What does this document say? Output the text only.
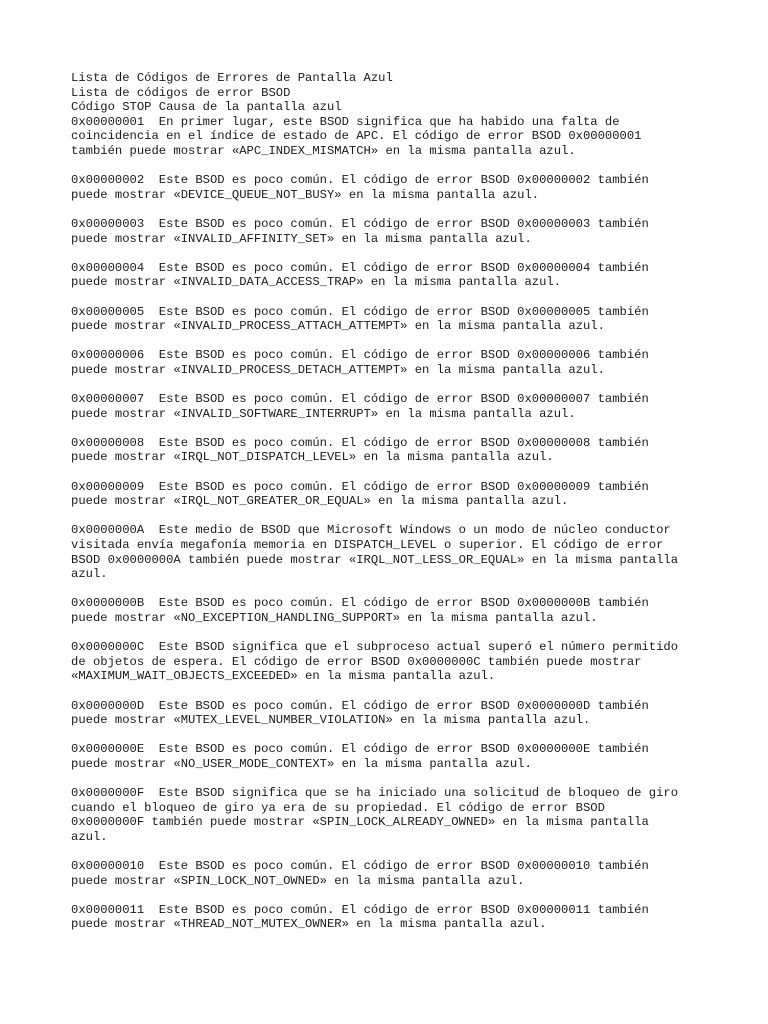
Lista de Códigos de Errores de Pantalla Azul
Lista de códigos de error BSOD
Código STOP Causa de la pantalla azul
0x00000001 En primer lugar, este BSOD significa que ha habido una falta de
coincidencia en el índice de estado de APC. El código de error BSOD 0x00000001
también puede mostrar «APC_INDEX_MISMATCH» en la misma pantalla azul.
0x00000002 Este BSOD es poco común. El código de error BSOD 0x00000002 también
puede mostrar «DEVICE_QUEUE_NOT_BUSY» en la misma pantalla azul.
0x00000003 Este BSOD es poco común. El código de error BSOD 0x00000003 también
puede mostrar «INVALID_AFFINITY_SET» en la misma pantalla azul.
0x00000004 Este BSOD es poco común. El código de error BSOD 0x00000004 también
puede mostrar «INVALID_DATA_ACCESS_TRAP» en la misma pantalla azul.
0x00000005 Este BSOD es poco común. El código de error BSOD 0x00000005 también
puede mostrar «INVALID_PROCESS_ATTACH_ATTEMPT» en la misma pantalla azul.
0x00000006 Este BSOD es poco común. El código de error BSOD 0x00000006 también
puede mostrar «INVALID_PROCESS_DETACH_ATTEMPT» en la misma pantalla azul.
0x00000007 Este BSOD es poco común. El código de error BSOD 0x00000007 también
puede mostrar «INVALID_SOFTWARE_INTERRUPT» en la misma pantalla azul.
0x00000008 Este BSOD es poco común. El código de error BSOD 0x00000008 también
puede mostrar «IRQL_NOT_DISPATCH_LEVEL» en la misma pantalla azul.
0x00000009 Este BSOD es poco común. El código de error BSOD 0x00000009 también
puede mostrar «IRQL_NOT_GREATER_OR_EQUAL» en la misma pantalla azul.
0x0000000A Este medio de BSOD que Microsoft Windows o un modo de núcleo conductor
visitada envía megafonía memoria en DISPATCH_LEVEL o superior. El código de error
BSOD 0x0000000A también puede mostrar «IRQL_NOT_LESS_OR_EQUAL» en la misma pantalla
azul.
0x0000000B Este BSOD es poco común. El código de error BSOD 0x0000000B también
puede mostrar «NO_EXCEPTION_HANDLING_SUPPORT» en la misma pantalla azul.
0x0000000C Este BSOD significa que el subproceso actual superó el número permitido
de objetos de espera. El código de error BSOD 0x0000000C también puede mostrar
«MAXIMUM_WAIT_OBJECTS_EXCEEDED» en la misma pantalla azul.
0x0000000D Este BSOD es poco común. El código de error BSOD 0x0000000D también
puede mostrar «MUTEX_LEVEL_NUMBER_VIOLATION» en la misma pantalla azul.
0x0000000E Este BSOD es poco común. El código de error BSOD 0x0000000E también
puede mostrar «NO_USER_MODE_CONTEXT» en la misma pantalla azul.
0x0000000F Este BSOD significa que se ha iniciado una solicitud de bloqueo de giro
cuando el bloqueo de giro ya era de su propiedad. El código de error BSOD
0x0000000F también puede mostrar «SPIN_LOCK_ALREADY_OWNED» en la misma pantalla
azul.
0x00000010 Este BSOD es poco común. El código de error BSOD 0x00000010 también
puede mostrar «SPIN_LOCK_NOT_OWNED» en la misma pantalla azul.
0x00000011 Este BSOD es poco común. El código de error BSOD 0x00000011 también
puede mostrar «THREAD_NOT_MUTEX_OWNER» en la misma pantalla azul.
